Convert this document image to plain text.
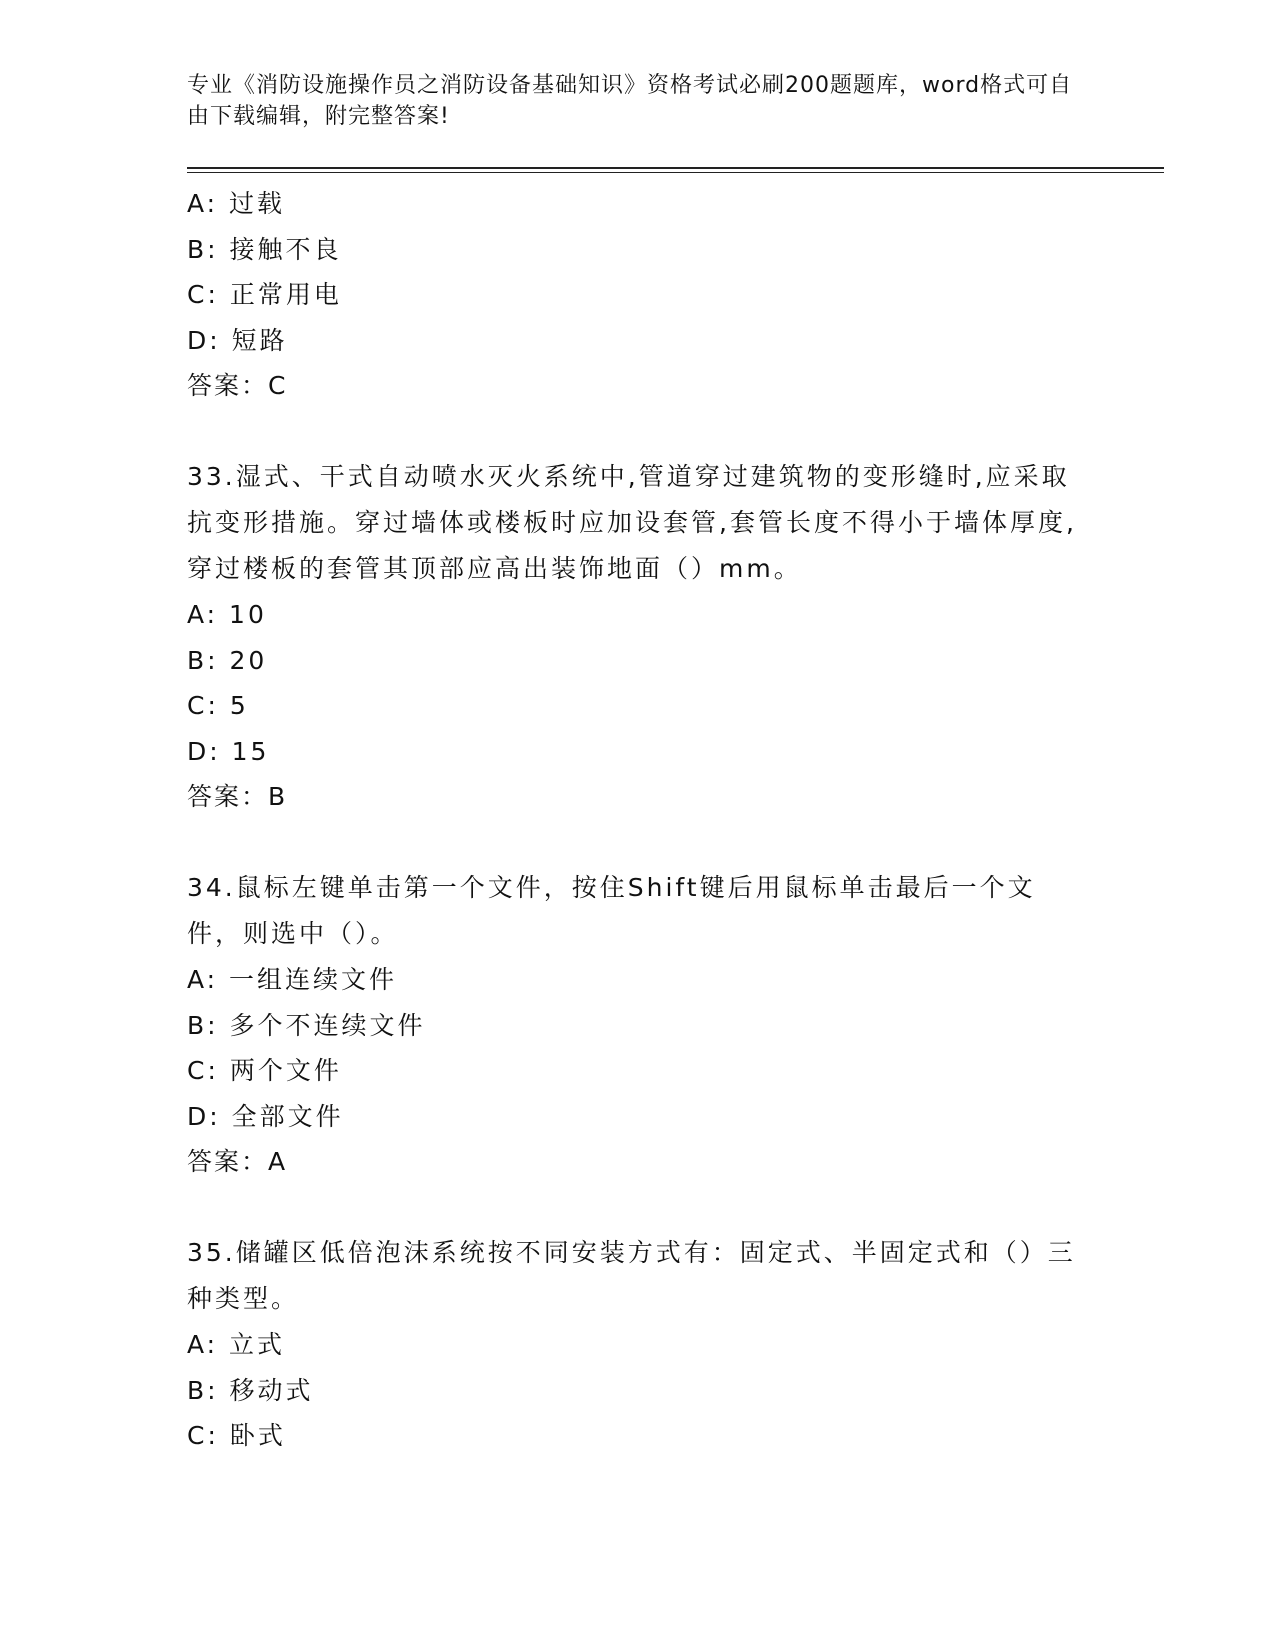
专业《消防设施操作员之消防设备基础知识》资格考试必刷200题题库，word格式可自由下载编辑，附完整答案!
A: 过载
B: 接触不良
C: 正常用电
D: 短路
答案：C
33.湿式、干式自动喷水灭火系统中,管道穿过建筑物的变形缝时,应采取抗变形措施。穿过墙体或楼板时应加设套管,套管长度不得小于墙体厚度,穿过楼板的套管其顶部应高出装饰地面（）mm。
A: 10
B: 20
C: 5
D: 15
答案：B
34.鼠标左键单击第一个文件，按住Shift键后用鼠标单击最后一个文件，则选中（）。
A: 一组连续文件
B: 多个不连续文件
C: 两个文件
D: 全部文件
答案：A
35.储罐区低倍泡沫系统按不同安装方式有：固定式、半固定式和（）三种类型。
A: 立式
B: 移动式
C: 卧式
